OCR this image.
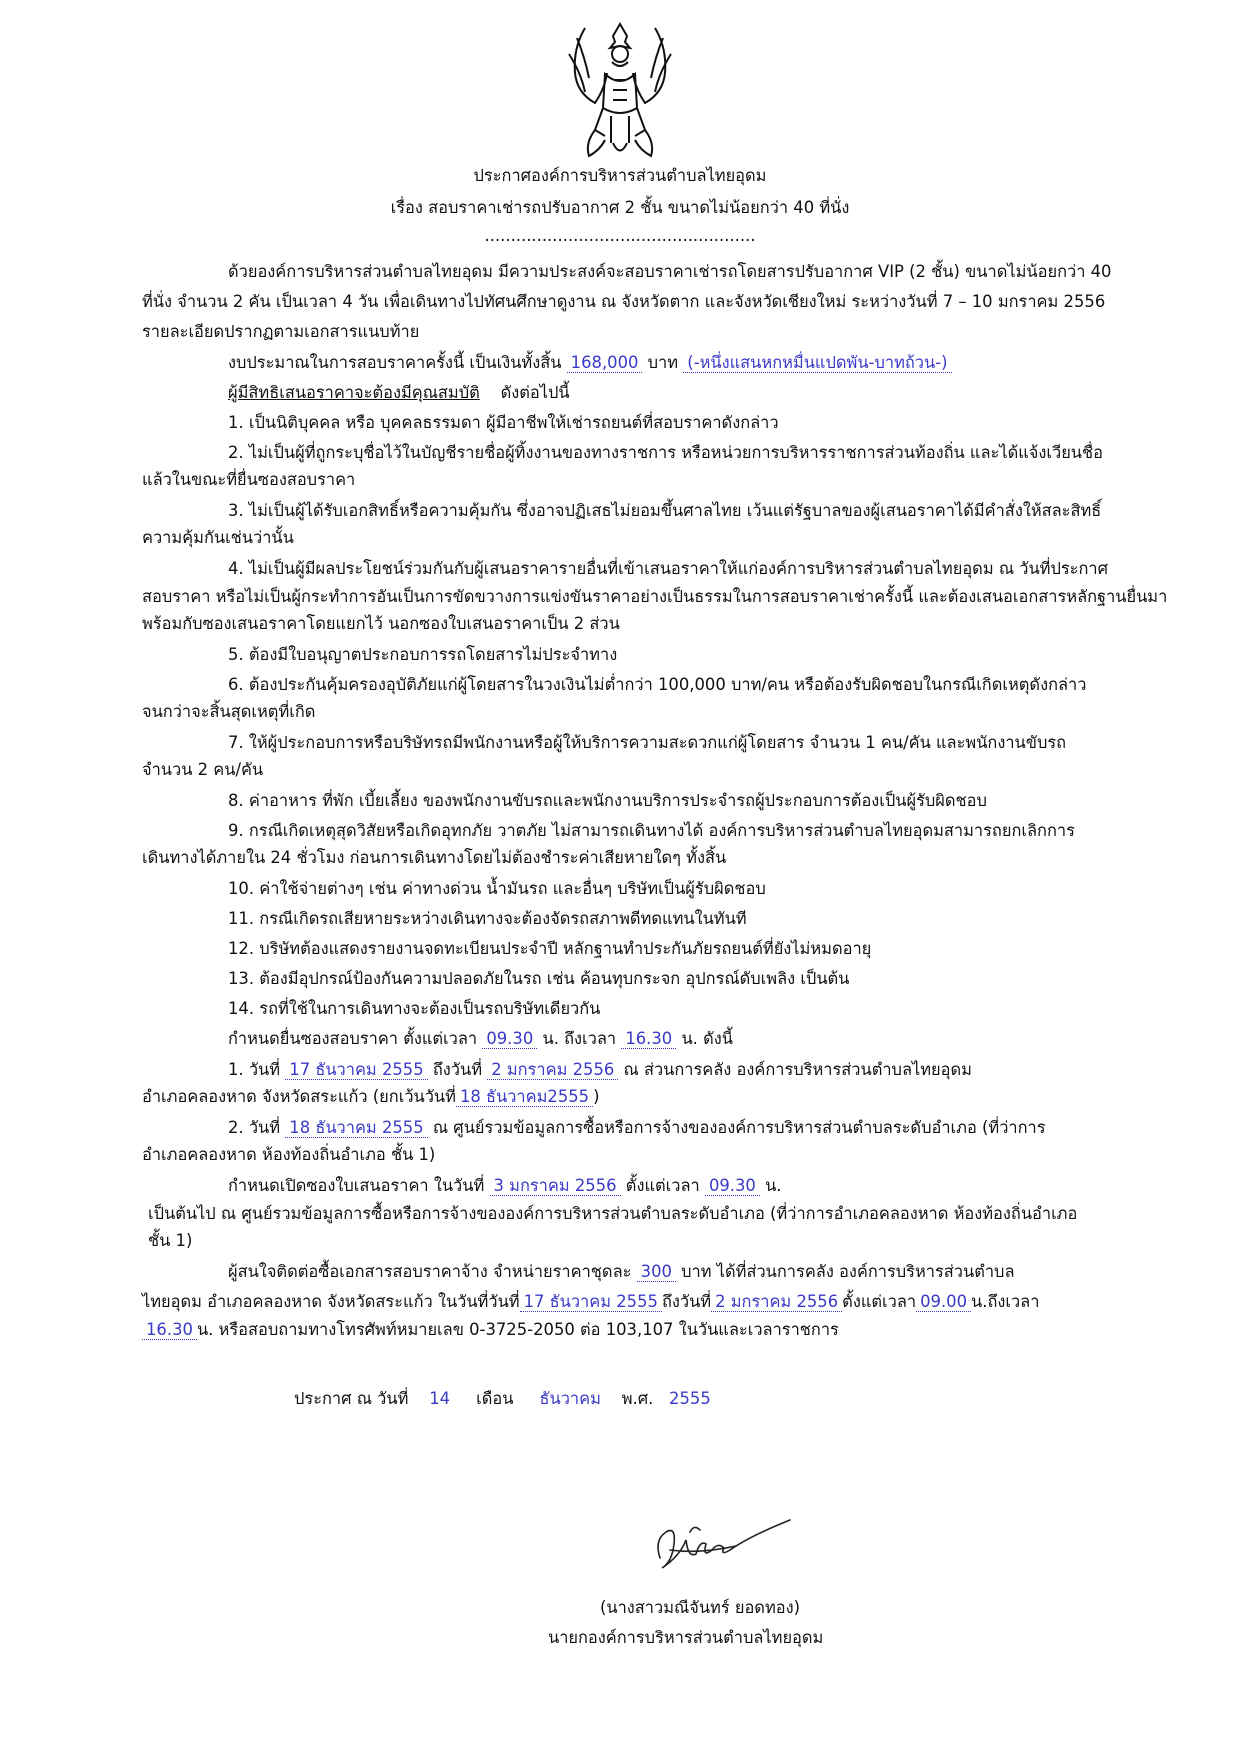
ประกาศองค์การบริหารส่วนตำบลไทยอุดม
เรื่อง สอบราคาเช่ารถปรับอากาศ 2 ชั้น ขนาดไม่น้อยกว่า 40 ที่นั่ง
....................................................
ด้วยองค์การบริหารส่วนตำบลไทยอุดม มีความประสงค์จะสอบราคาเช่ารถโดยสารปรับอากาศ VIP (2 ชั้น) ขนาดไม่น้อยกว่า 40
ที่นั่ง จำนวน 2 คัน เป็นเวลา 4 วัน เพื่อเดินทางไปทัศนศึกษาดูงาน ณ จังหวัดตาก และจังหวัดเชียงใหม่ ระหว่างวันที่ 7 – 10 มกราคม 2556
รายละเอียดปรากฏตามเอกสารแนบท้าย
งบประมาณในการสอบราคาครั้งนี้ เป็นเงินทั้งสิ้น 168,000 บาท (-หนึ่งแสนหกหมื่นแปดพัน-บาทถ้วน-)
ผู้มีสิทธิเสนอราคาจะต้องมีคุณสมบัติ ดังต่อไปนี้
1. เป็นนิติบุคคล หรือ บุคคลธรรมดา ผู้มีอาชีพให้เช่ารถยนต์ที่สอบราคาดังกล่าว
2. ไม่เป็นผู้ที่ถูกระบุชื่อไว้ในบัญชีรายชื่อผู้ทิ้งงานของทางราชการ หรือหน่วยการบริหารราชการส่วนท้องถิ่น และได้แจ้งเวียนชื่อ
แล้วในขณะที่ยื่นซองสอบราคา
3. ไม่เป็นผู้ได้รับเอกสิทธิ์หรือความคุ้มกัน ซึ่งอาจปฏิเสธไม่ยอมขึ้นศาลไทย เว้นแต่รัฐบาลของผู้เสนอราคาได้มีคำสั่งให้สละสิทธิ์
ความคุ้มกันเช่นว่านั้น
4. ไม่เป็นผู้มีผลประโยชน์ร่วมกันกับผู้เสนอราคารายอื่นที่เข้าเสนอราคาให้แก่องค์การบริหารส่วนตำบลไทยอุดม ณ วันที่ประกาศ
สอบราคา หรือไม่เป็นผู้กระทำการอันเป็นการขัดขวางการแข่งขันราคาอย่างเป็นธรรมในการสอบราคาเช่าครั้งนี้ และต้องเสนอเอกสารหลักฐานยื่นมา
พร้อมกับซองเสนอราคาโดยแยกไว้ นอกซองใบเสนอราคาเป็น 2 ส่วน
5. ต้องมีใบอนุญาตประกอบการรถโดยสารไม่ประจำทาง
6. ต้องประกันคุ้มครองอุบัติภัยแก่ผู้โดยสารในวงเงินไม่ต่ำกว่า 100,000 บาท/คน หรือต้องรับผิดชอบในกรณีเกิดเหตุดังกล่าว
จนกว่าจะสิ้นสุดเหตุที่เกิด
7. ให้ผู้ประกอบการหรือบริษัทรถมีพนักงานหรือผู้ให้บริการความสะดวกแก่ผู้โดยสาร จำนวน 1 คน/คัน และพนักงานขับรถ
จำนวน 2 คน/คัน
8. ค่าอาหาร ที่พัก เบี้ยเลี้ยง ของพนักงานขับรถและพนักงานบริการประจำรถผู้ประกอบการต้องเป็นผู้รับผิดชอบ
9. กรณีเกิดเหตุสุดวิสัยหรือเกิดอุทกภัย วาตภัย ไม่สามารถเดินทางได้ องค์การบริหารส่วนตำบลไทยอุดมสามารถยกเลิกการ
เดินทางได้ภายใน 24 ชั่วโมง ก่อนการเดินทางโดยไม่ต้องชำระค่าเสียหายใดๆ ทั้งสิ้น
10. ค่าใช้จ่ายต่างๆ เช่น ค่าทางด่วน น้ำมันรถ และอื่นๆ บริษัทเป็นผู้รับผิดชอบ
11. กรณีเกิดรถเสียหายระหว่างเดินทางจะต้องจัดรถสภาพดีทดแทนในทันที
12. บริษัทต้องแสดงรายงานจดทะเบียนประจำปี หลักฐานทำประกันภัยรถยนต์ที่ยังไม่หมดอายุ
13. ต้องมีอุปกรณ์ป้องกันความปลอดภัยในรถ เช่น ค้อนทุบกระจก อุปกรณ์ดับเพลิง เป็นต้น
14. รถที่ใช้ในการเดินทางจะต้องเป็นรถบริษัทเดียวกัน
กำหนดยื่นซองสอบราคา ตั้งแต่เวลา 09.30 น. ถึงเวลา 16.30 น. ดังนี้
1. วันที่ 17 ธันวาคม 2555 ถึงวันที่ 2 มกราคม 2556 ณ ส่วนการคลัง องค์การบริหารส่วนตำบลไทยอุดม
อำเภอคลองหาด จังหวัดสระแก้ว (ยกเว้นวันที่ 18 ธันวาคม2555 )
2. วันที่ 18 ธันวาคม 2555 ณ ศูนย์รวมข้อมูลการซื้อหรือการจ้างขององค์การบริหารส่วนตำบลระดับอำเภอ (ที่ว่าการ
อำเภอคลองหาด ห้องท้องถิ่นอำเภอ ชั้น 1)
กำหนดเปิดซองใบเสนอราคา ในวันที่ 3 มกราคม 2556 ตั้งแต่เวลา 09.30 น.
เป็นต้นไป ณ ศูนย์รวมข้อมูลการซื้อหรือการจ้างขององค์การบริหารส่วนตำบลระดับอำเภอ (ที่ว่าการอำเภอคลองหาด ห้องท้องถิ่นอำเภอ
ชั้น 1)
ผู้สนใจติดต่อซื้อเอกสารสอบราคาจ้าง จำหน่ายราคาชุดละ 300 บาท ได้ที่ส่วนการคลัง องค์การบริหารส่วนตำบล
ไทยอุดม อำเภอคลองหาด จังหวัดสระแก้ว ในวันที่วันที่ 17 ธันวาคม 2555 ถึงวันที่ 2 มกราคม 2556 ตั้งแต่เวลา 09.00 น.ถึงเวลา
16.30 น. หรือสอบถามทางโทรศัพท์หมายเลข 0-3725-2050 ต่อ 103,107 ในวันและเวลาราชการ
ประกาศ ณ วันที่ 14 เดือน ธันวาคม พ.ศ. 2555
(นางสาวมณีจันทร์ ยอดทอง)
นายกองค์การบริหารส่วนตำบลไทยอุดม
